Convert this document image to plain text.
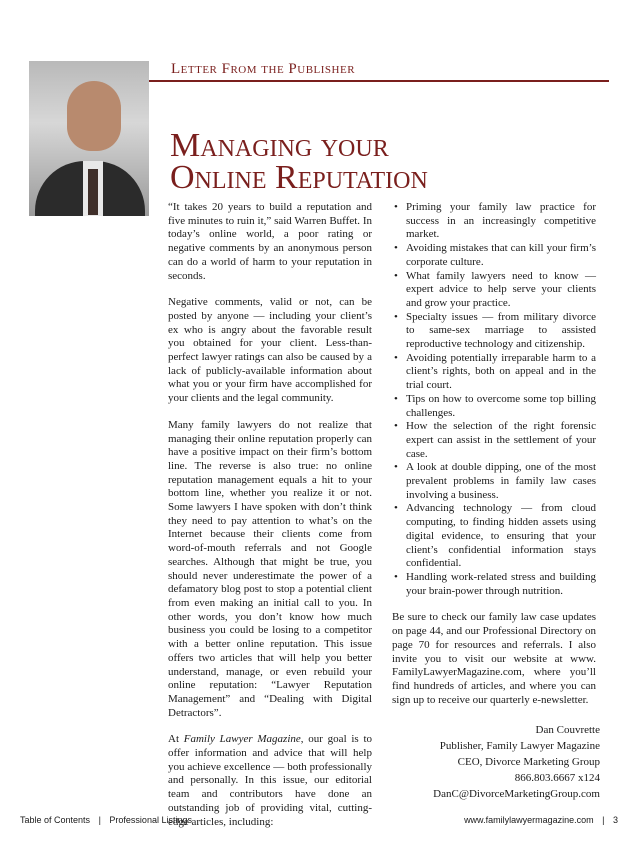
Letter From the Publisher
Managing your
Online Reputation

“It takes 20 years to build a reputation and five minutes to ruin it,” said Warren Buffet. In today’s online world, a poor rating or negative comments by an anonymous person can do a world of harm to your reputation in seconds.

Negative comments, valid or not, can be posted by anyone — including your client’s ex who is angry about the favorable result you obtained for your client. Less-than-perfect lawyer ratings can also be caused by a lack of publicly-available information about what you or your firm have accomplished for your clients and the legal community.

Many family lawyers do not realize that managing their online reputation properly can have a positive impact on their firm’s bottom line. The reverse is also true: no online reputation management equals a hit to your bottom line, whether you realize it or not. Some lawyers I have spoken with don’t think they need to pay attention to what’s on the Internet because their clients come from word-of-mouth referrals and not Google searches. Although that might be true, you should never underestimate the power of a defamatory blog post to stop a potential client from even making an initial call to you. In other words, you don’t know how much business you could be losing to a competitor with a better online reputation. This issue offers two articles that will help you better understand, manage, or even rebuild your online reputation: “Lawyer Reputation Management” and “Dealing with Digital Detractors”.

At Family Lawyer Magazine, our goal is to offer information and advice that will help you achieve excellence — both professionally and personally. In this issue, our editorial team and contributors have done an outstanding job of providing vital, cutting-edge articles, including:

• Priming your family law practice for success in an increasingly competitive market.
• Avoiding mistakes that can kill your firm’s corporate culture.
• What family lawyers need to know — expert advice to help serve your clients and grow your practice.
• Specialty issues — from military divorce to same-sex marriage to assisted reproductive technology and citizenship.
• Avoiding potentially irreparable harm to a client’s rights, both on appeal and in the trial court.
• Tips on how to overcome some top billing challenges.
• How the selection of the right forensic expert can assist in the settlement of your case.
• A look at double dipping, one of the most prevalent problems in family law cases involving a business.
• Advancing technology — from cloud computing, to finding hidden assets using digital evidence, to ensuring that your client’s confidential information stays confidential.
• Handling work-related stress and building your brain-power through nutrition.

Be sure to check our family law case updates on page 44, and our Professional Directory on page 70 for resources and referrals. I also invite you to visit our website at www. FamilyLawyerMagazine.com, where you’ll find hundreds of articles, and where you can sign up to receive our quarterly e-newsletter.

Dan Couvrette
Publisher, Family Lawyer Magazine
CEO, Divorce Marketing Group
866.803.6667 x124
DanC@DivorceMarketingGroup.com
Table of Contents | Professional Listings	www.familylawyermagazine.com | 3
